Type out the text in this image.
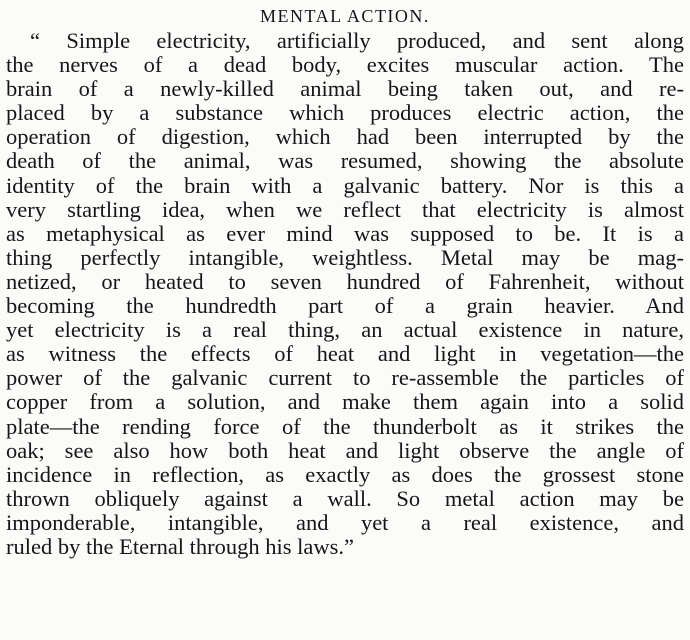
MENTAL ACTION.
“ Simple electricity, artificially produced, and sent along
the nerves of a dead body, excites muscular action. The
brain of a newly-killed animal being taken out, and re-
placed by a substance which produces electric action, the
operation of digestion, which had been interrupted by the
death of the animal, was resumed, showing the absolute
identity of the brain with a galvanic battery. Nor is this a
very startling idea, when we reflect that electricity is almost
as metaphysical as ever mind was supposed to be. It is a
thing perfectly intangible, weightless. Metal may be mag-
netized, or heated to seven hundred of Fahrenheit, without
becoming the hundredth part of a grain heavier. And
yet electricity is a real thing, an actual existence in nature,
as witness the effects of heat and light in vegetation—the
power of the galvanic current to re-assemble the particles of
copper from a solution, and make them again into a solid
plate—the rending force of the thunderbolt as it strikes the
oak; see also how both heat and light observe the angle of
incidence in reflection, as exactly as does the grossest stone
thrown obliquely against a wall. So metal action may be
imponderable, intangible, and yet a real existence, and
ruled by the Eternal through his laws.”
